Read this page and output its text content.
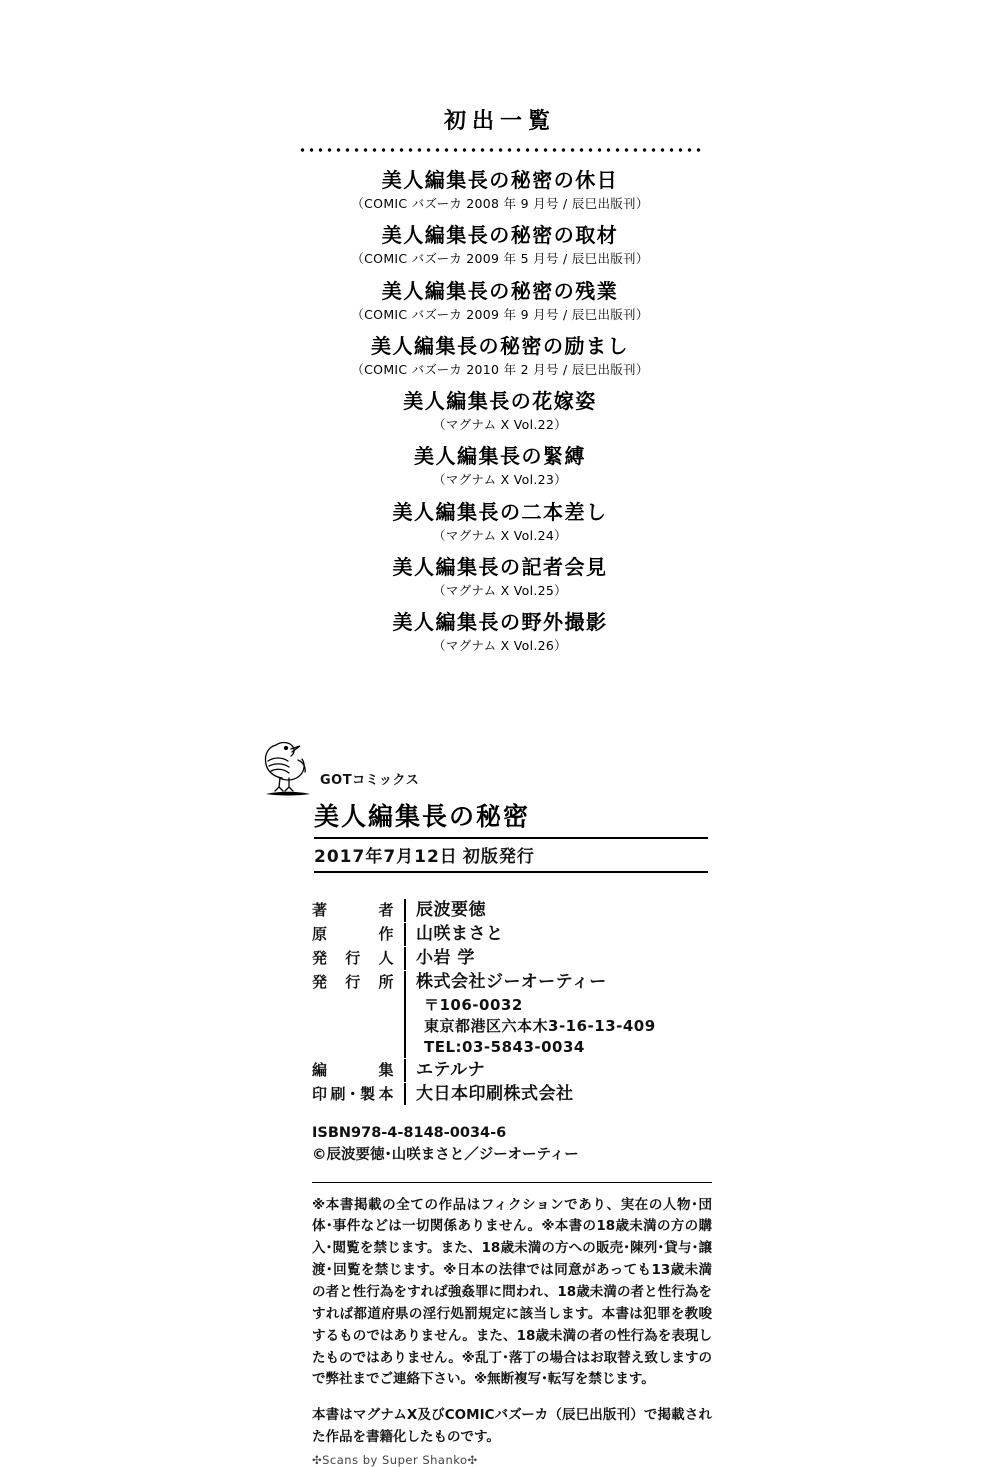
初出一覧
美人編集長の秘密の休日
（COMIC バズーカ 2008 年 9 月号 / 辰巳出版刊）
美人編集長の秘密の取材
（COMIC バズーカ 2009 年 5 月号 / 辰巳出版刊）
美人編集長の秘密の残業
（COMIC バズーカ 2009 年 9 月号 / 辰巳出版刊）
美人編集長の秘密の励まし
（COMIC バズーカ 2010 年 2 月号 / 辰巳出版刊）
美人編集長の花嫁姿
（マグナム X Vol.22）
美人編集長の緊縛
（マグナム X Vol.23）
美人編集長の二本差し
（マグナム X Vol.24）
美人編集長の記者会見
（マグナム X Vol.25）
美人編集長の野外撮影
（マグナム X Vol.26）
GOTコミックス
美人編集長の秘密
2017年7月12日 初版発行
著　者	辰波要徳
原　作	山咲まさと
発行人	小岩 学
発行所	株式会社ジーオーティー
〒106-0032
東京都港区六本木3-16-13-409
TEL:03-5843-0034
編　集	エテルナ
印刷･製本	大日本印刷株式会社
ISBN978-4-8148-0034-6
©辰波要徳･山咲まさと／ジーオーティー

※本書掲載の全ての作品はフィクションであり、実在の人物･団体･事件などは一切関係ありません。※本書の18歳未満の方の購入･閲覧を禁じます。また、18歳未満の方への販売･陳列･貸与･譲渡･回覧を禁じます。※日本の法律では同意があっても13歳未満の者と性行為をすれば強姦罪に問われ、18歳未満の者と性行為をすれば都道府県の淫行処罰規定に該当します。本書は犯罪を教唆するものではありません。また、18歳未満の者の性行為を表現したものではありません。※乱丁･落丁の場合はお取替え致しますので弊社までご連絡下さい。※無断複写･転写を禁じます。

本書はマグナムX及びCOMICバズーカ（辰巳出版刊）で掲載された作品を書籍化したものです。

✣Scans by Super Shanko✣
